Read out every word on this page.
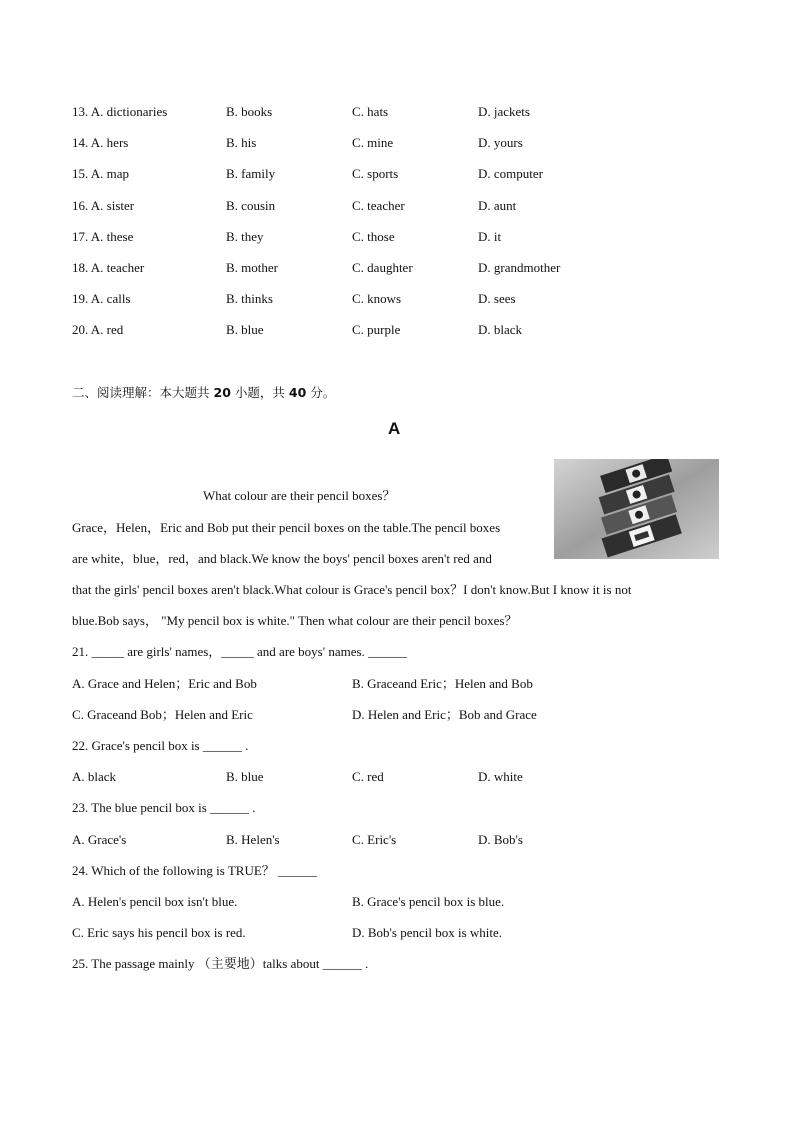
13. A. dictionaries	B. books	C. hats	D. jackets
14. A. hers	B. his	C. mine	D. yours
15. A. map	B. family	C. sports	D. computer
16. A. sister	B. cousin	C. teacher	D. aunt
17. A. these	B. they	C. those	D. it
18. A. teacher	B. mother	C. daughter	D. grandmother
19. A. calls	B. thinks	C. knows	D. sees
20. A. red	B. blue	C. purple	D. black
二、阅读理解：本大题共 20 小题，共 40 分。
A
What colour are their pencil boxes？
Grace，Helen，Eric and Bob put their pencil boxes on the table.The pencil boxes
are white，blue，red，and black.We know the boys' pencil boxes aren't red and
that the girls' pencil boxes aren't black.What colour is Grace's pencil box？I don't know.But I know it is not
blue.Bob says， "My pencil box is white." Then what colour are their pencil boxes？
21. _____ are girls' names，_____ and are boys' names. ______
A. Grace and Helen；Eric and Bob	B. Graceand Eric；Helen and Bob
C. Graceand Bob；Helen and Eric	D. Helen and Eric；Bob and Grace
22. Grace's pencil box is ______ .
A. black	B. blue	C. red	D. white
23. The blue pencil box is ______ .
A. Grace's	B. Helen's	C. Eric's	D. Bob's
24. Which of the following is TRUE？ ______
A. Helen's pencil box isn't blue.	B. Grace's pencil box is blue.
C. Eric says his pencil box is red.	D. Bob's pencil box is white.
25. The passage mainly （主要地）talks about ______ .
